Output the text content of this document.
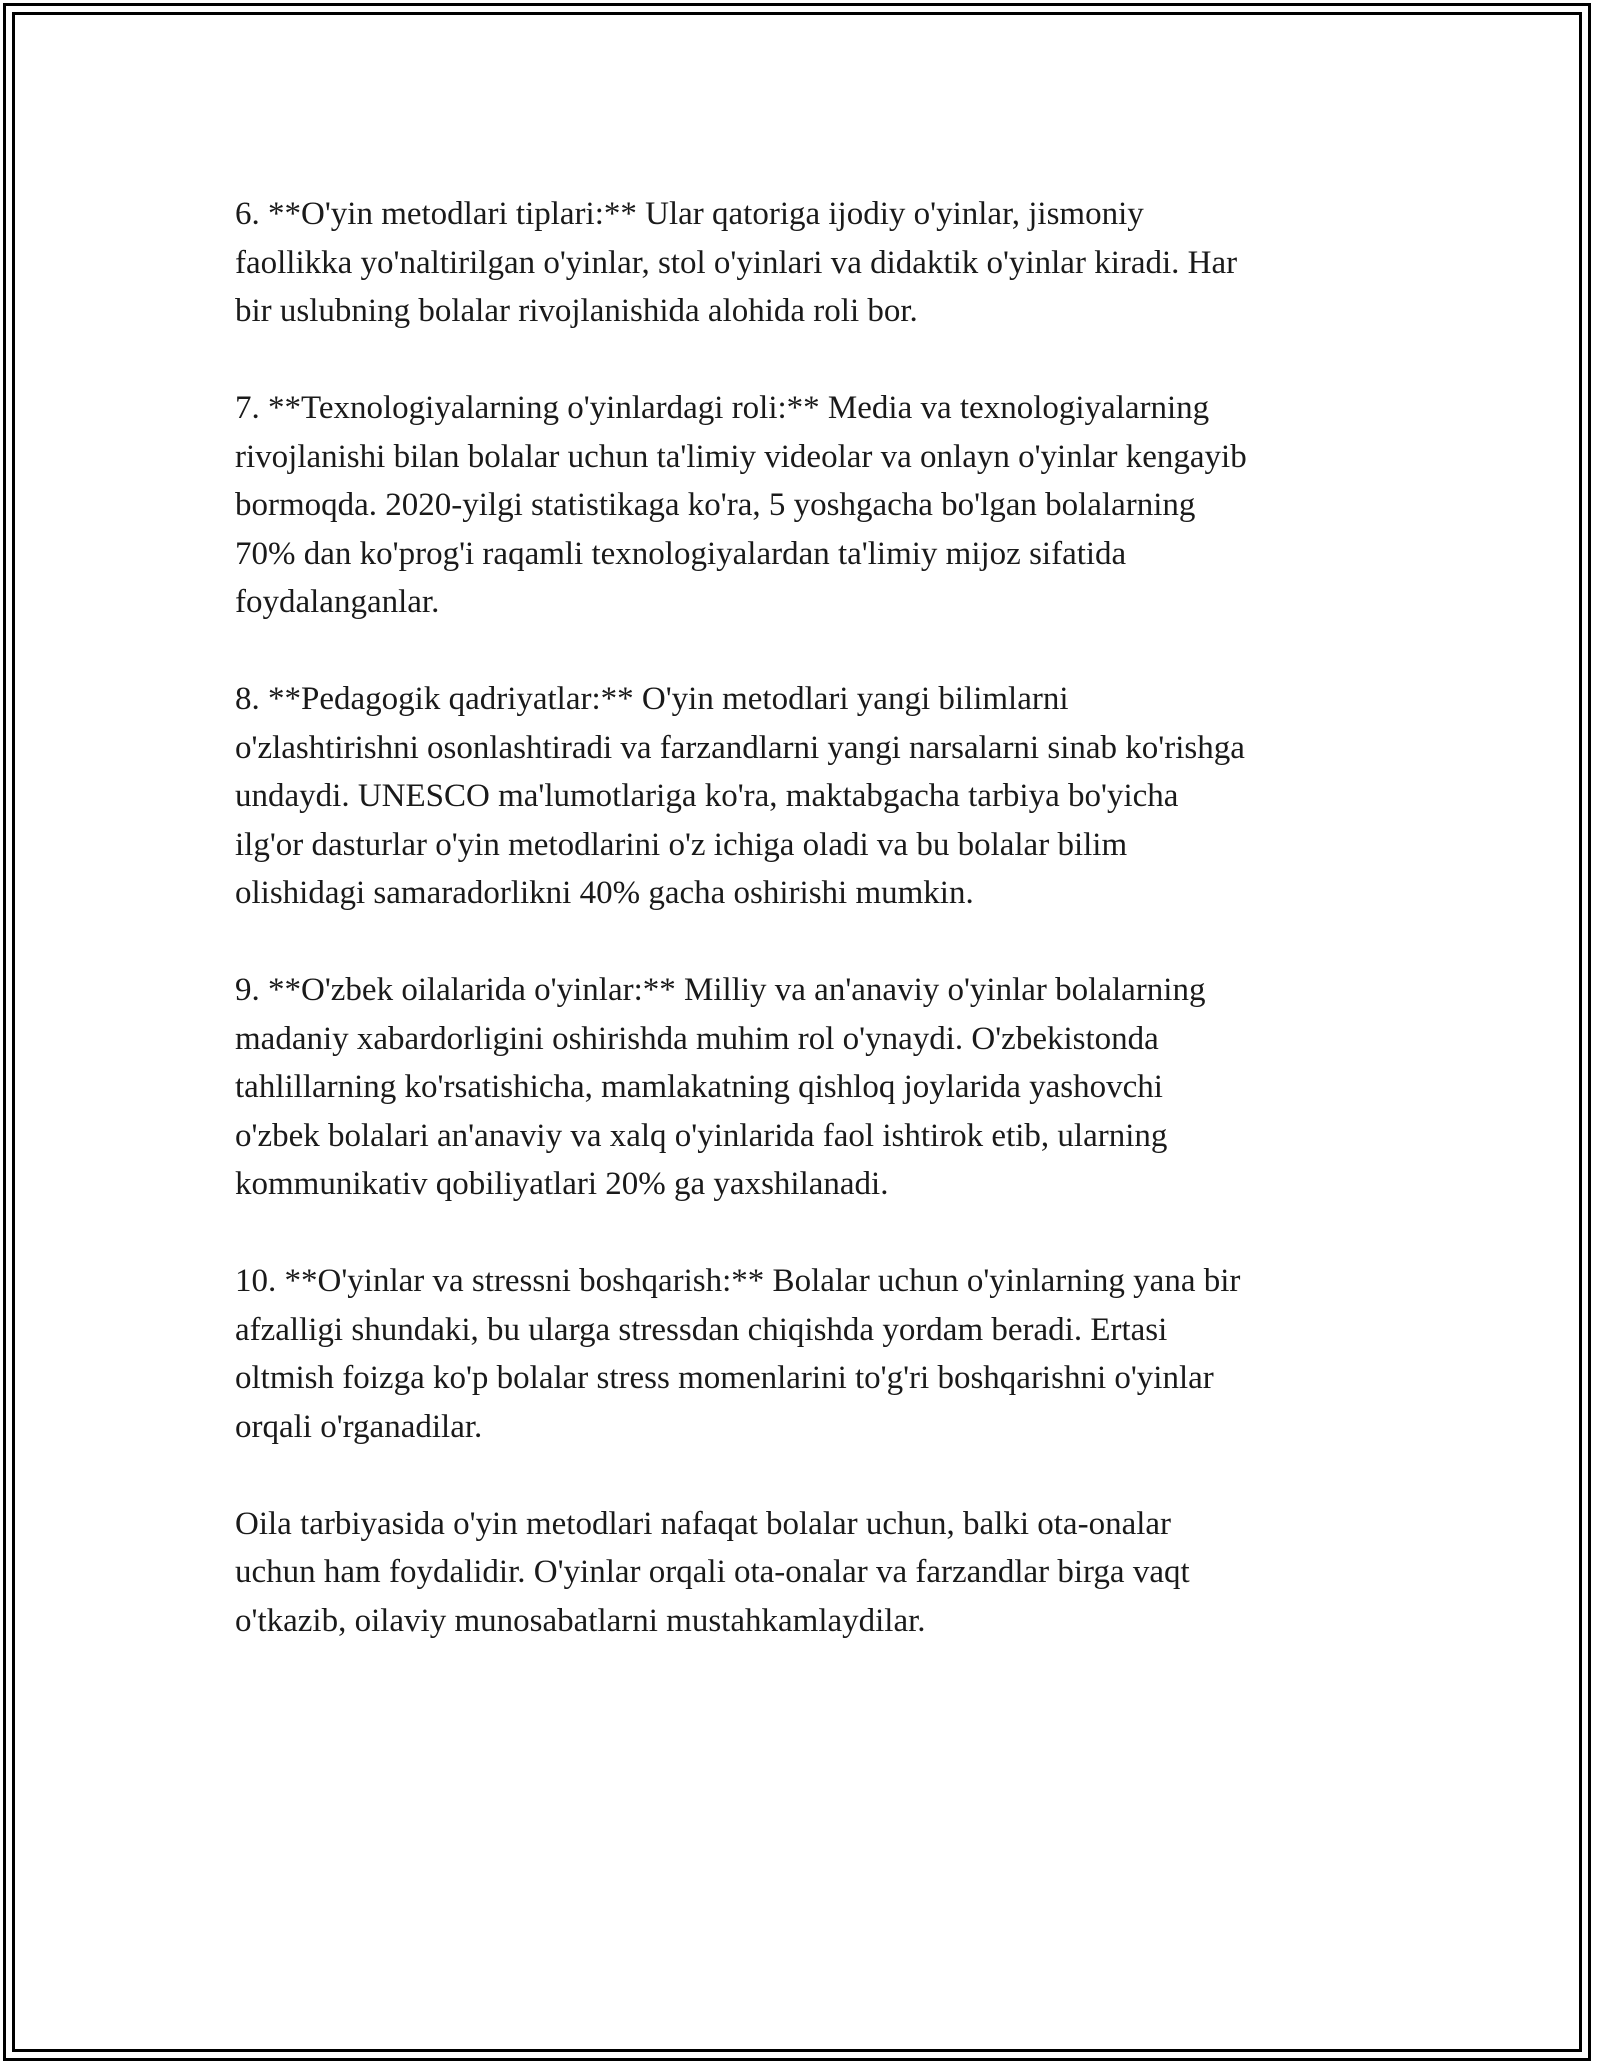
6. **O'yin metodlari tiplari:** Ular qatoriga ijodiy o'yinlar, jismoniy
faollikka yo'naltirilgan o'yinlar, stol o'yinlari va didaktik o'yinlar kiradi. Har
bir uslubning bolalar rivojlanishida alohida roli bor.

7. **Texnologiyalarning o'yinlardagi roli:** Media va texnologiyalarning
rivojlanishi bilan bolalar uchun ta'limiy videolar va onlayn o'yinlar kengayib
bormoqda. 2020-yilgi statistikaga ko'ra, 5 yoshgacha bo'lgan bolalarning
70% dan ko'prog'i raqamli texnologiyalardan ta'limiy mijoz sifatida
foydalanganlar.

8. **Pedagogik qadriyatlar:** O'yin metodlari yangi bilimlarni
o'zlashtirishni osonlashtiradi va farzandlarni yangi narsalarni sinab ko'rishga
undaydi. UNESCO ma'lumotlariga ko'ra, maktabgacha tarbiya bo'yicha
ilg'or dasturlar o'yin metodlarini o'z ichiga oladi va bu bolalar bilim
olishidagi samaradorlikni 40% gacha oshirishi mumkin.

9. **O'zbek oilalarida o'yinlar:** Milliy va an'anaviy o'yinlar bolalarning
madaniy xabardorligini oshirishda muhim rol o'ynaydi. O'zbekistonda
tahlillarning ko'rsatishicha, mamlakatning qishloq joylarida yashovchi
o'zbek bolalari an'anaviy va xalq o'yinlarida faol ishtirok etib, ularning
kommunikativ qobiliyatlari 20% ga yaxshilanadi.

10. **O'yinlar va stressni boshqarish:** Bolalar uchun o'yinlarning yana bir
afzalligi shundaki, bu ularga stressdan chiqishda yordam beradi. Ertasi
oltmish foizga ko'p bolalar stress momenlarini to'g'ri boshqarishni o'yinlar
orqali o'rganadilar.

Oila tarbiyasida o'yin metodlari nafaqat bolalar uchun, balki ota-onalar
uchun ham foydalidir. O'yinlar orqali ota-onalar va farzandlar birga vaqt
o'tkazib, oilaviy munosabatlarni mustahkamlaydilar.
